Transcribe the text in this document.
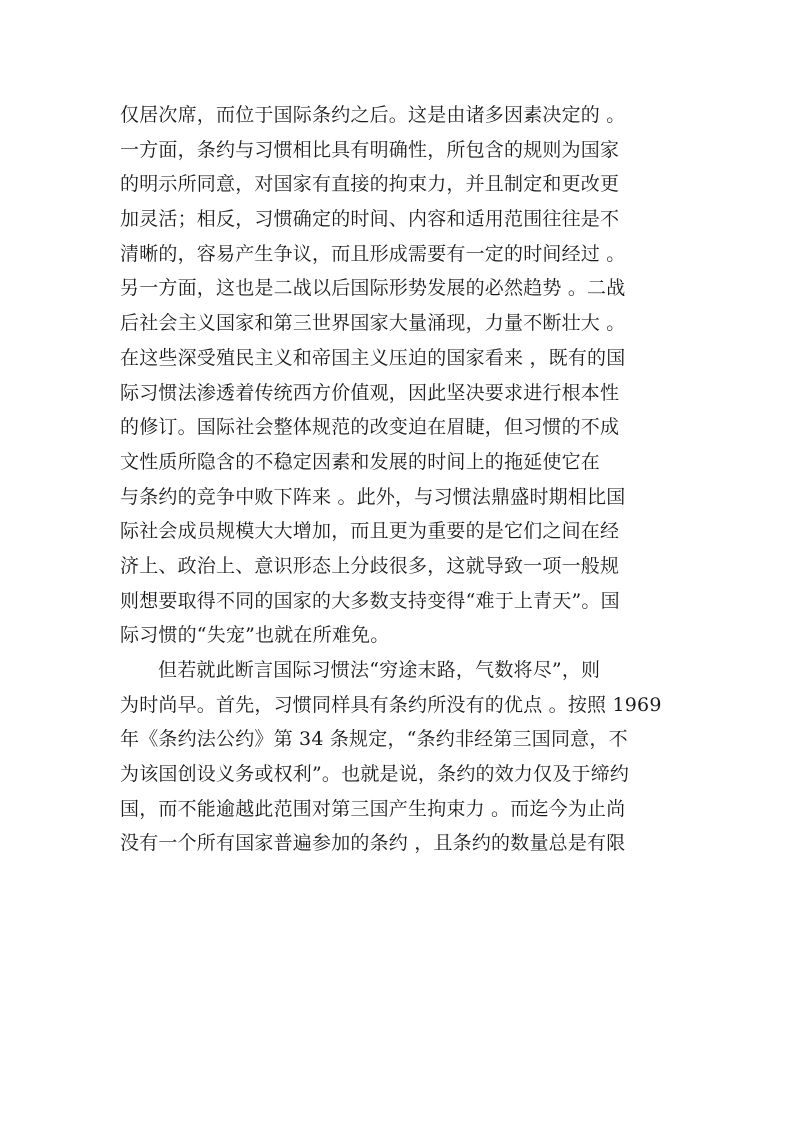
仅居次席，而位于国际条约之后。这是由诸多因素决定的 。
一方面，条约与习惯相比具有明确性，所包含的规则为国家
的明示所同意，对国家有直接的拘束力，并且制定和更改更
加灵活；相反，习惯确定的时间、内容和适用范围往往是不
清晰的，容易产生争议，而且形成需要有一定的时间经过 。
另一方面，这也是二战以后国际形势发展的必然趋势 。二战
后社会主义国家和第三世界国家大量涌现，力量不断壮大 。
在这些深受殖民主义和帝国主义压迫的国家看来 ，既有的国
际习惯法渗透着传统西方价值观，因此坚决要求进行根本性
的修订。国际社会整体规范的改变迫在眉睫，但习惯的不成
文性质所隐含的不稳定因素和发展的时间上的拖延使它在
与条约的竞争中败下阵来 。此外，与习惯法鼎盛时期相比国
际社会成员规模大大增加，而且更为重要的是它们之间在经
济上、政治上、意识形态上分歧很多，这就导致一项一般规
则想要取得不同的国家的大多数支持变得“难于上青天”。国
际习惯的“失宠”也就在所难免。
但若就此断言国际习惯法“穷途末路，气数将尽”，则
为时尚早。首先，习惯同样具有条约所没有的优点 。按照 1969
年《条约法公约》第 34 条规定，“条约非经第三国同意，不
为该国创设义务或权利”。也就是说，条约的效力仅及于缔约
国，而不能逾越此范围对第三国产生拘束力 。而迄今为止尚
没有一个所有国家普遍参加的条约 ，且条约的数量总是有限
